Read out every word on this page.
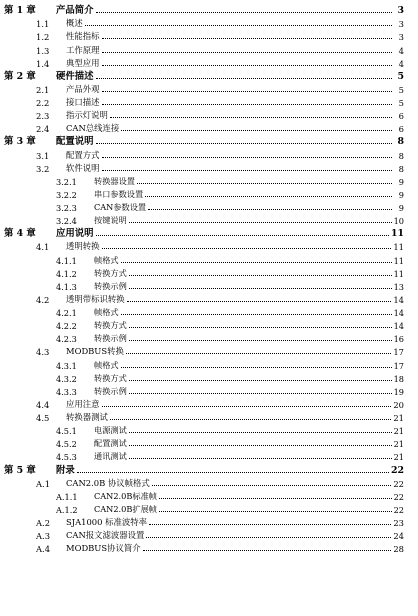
第 1 章	产品简介	3
1.1	概述	3
1.2	性能指标	3
1.3	工作原理	4
1.4	典型应用	4
第 2 章	硬件描述	5
2.1	产品外观	5
2.2	接口描述	5
2.3	指示灯说明	6
2.4	CAN总线连接	6
第 3 章	配置说明	8
3.1	配置方式	8
3.2	软件说明	8
3.2.1	转换器设置	9
3.2.2	串口参数设置	9
3.2.3	CAN参数设置	9
3.2.4	按键说明	10
第 4 章	应用说明	11
4.1	透明转换	11
4.1.1	帧格式	11
4.1.2	转换方式	11
4.1.3	转换示例	13
4.2	透明带标识转换	14
4.2.1	帧格式	14
4.2.2	转换方式	14
4.2.3	转换示例	16
4.3	MODBUS转换	17
4.3.1	帧格式	17
4.3.2	转换方式	18
4.3.3	转换示例	19
4.4	应用注意	20
4.5	转换器测试	21
4.5.1	电源测试	21
4.5.2	配置测试	21
4.5.3	通讯测试	21
第 5 章	附录	22
A.1	CAN2.0B 协议帧格式	22
A.1.1	CAN2.0B标准帧	22
A.1.2	CAN2.0B扩展帧	22
A.2	SJA1000 标准波特率	23
A.3	CAN报文滤波器设置	24
A.4	MODBUS协议简介	28
